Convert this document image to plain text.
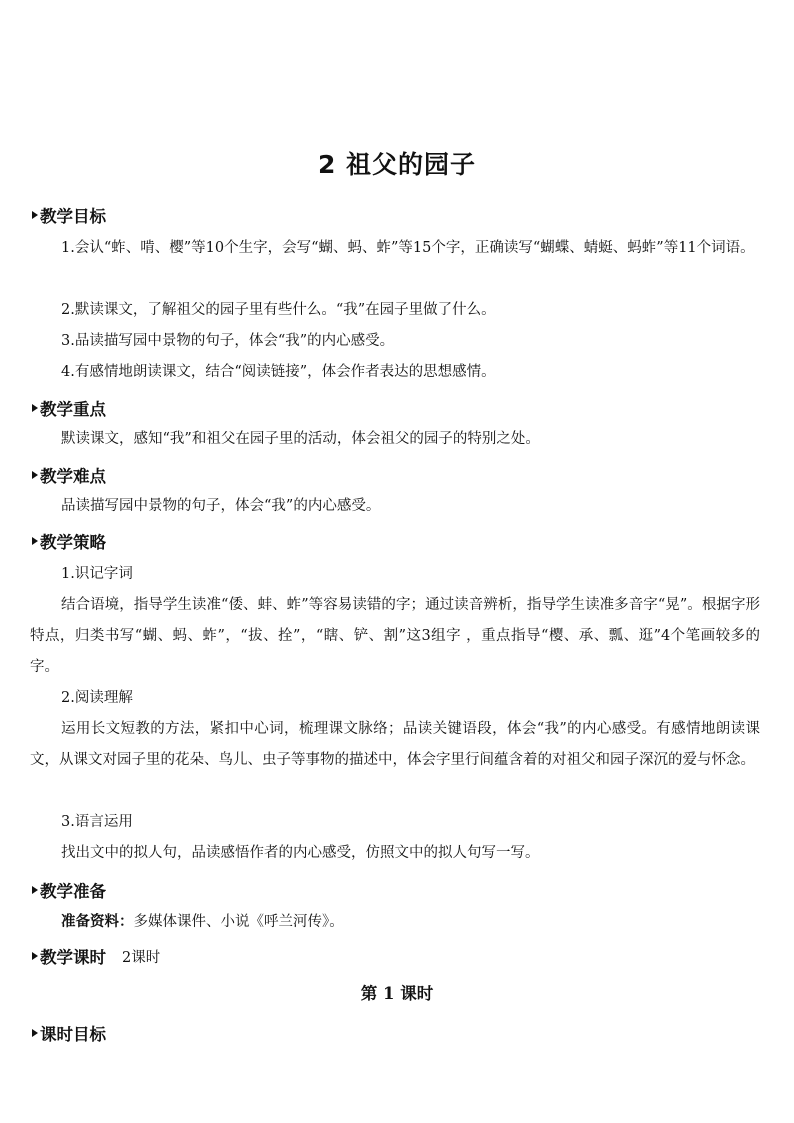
2 祖父的园子
教学目标
1.会认“蚱、啃、樱”等10个生字，会写“蝴、蚂、蚱”等15个字，正确读写“蝴蝶、蜻蜓、蚂蚱”等11个词语。
2.默读课文，了解祖父的园子里有些什么。“我”在园子里做了什么。
3.品读描写园中景物的句子，体会“我”的内心感受。
4.有感情地朗读课文，结合“阅读链接”，体会作者表达的思想感情。
教学重点
默读课文，感知“我”和祖父在园子里的活动，体会祖父的园子的特别之处。
教学难点
品读描写园中景物的句子，体会“我”的内心感受。
教学策略
1.识记字词
结合语境，指导学生读准“倭、蚌、蚱”等容易读错的字；通过读音辨析，指导学生读准多音字“晃”。根据字形特点，归类书写“蝴、蚂、蚱”，“拔、拴”，“瞎、铲、割”这3组字 ，重点指导“樱、承、瓢、逛”4个笔画较多的字。
2.阅读理解
运用长文短教的方法，紧扣中心词，梳理课文脉络；品读关键语段，体会“我”的内心感受。有感情地朗读课文，从课文对园子里的花朵、鸟儿、虫子等事物的描述中，体会字里行间蕴含着的对祖父和园子深沉的爱与怀念。
3.语言运用
找出文中的拟人句，品读感悟作者的内心感受，仿照文中的拟人句写一写。
教学准备
准备资料：多媒体课件、小说《呼兰河传》。
教学课时 2课时
第 1 课时
课时目标
